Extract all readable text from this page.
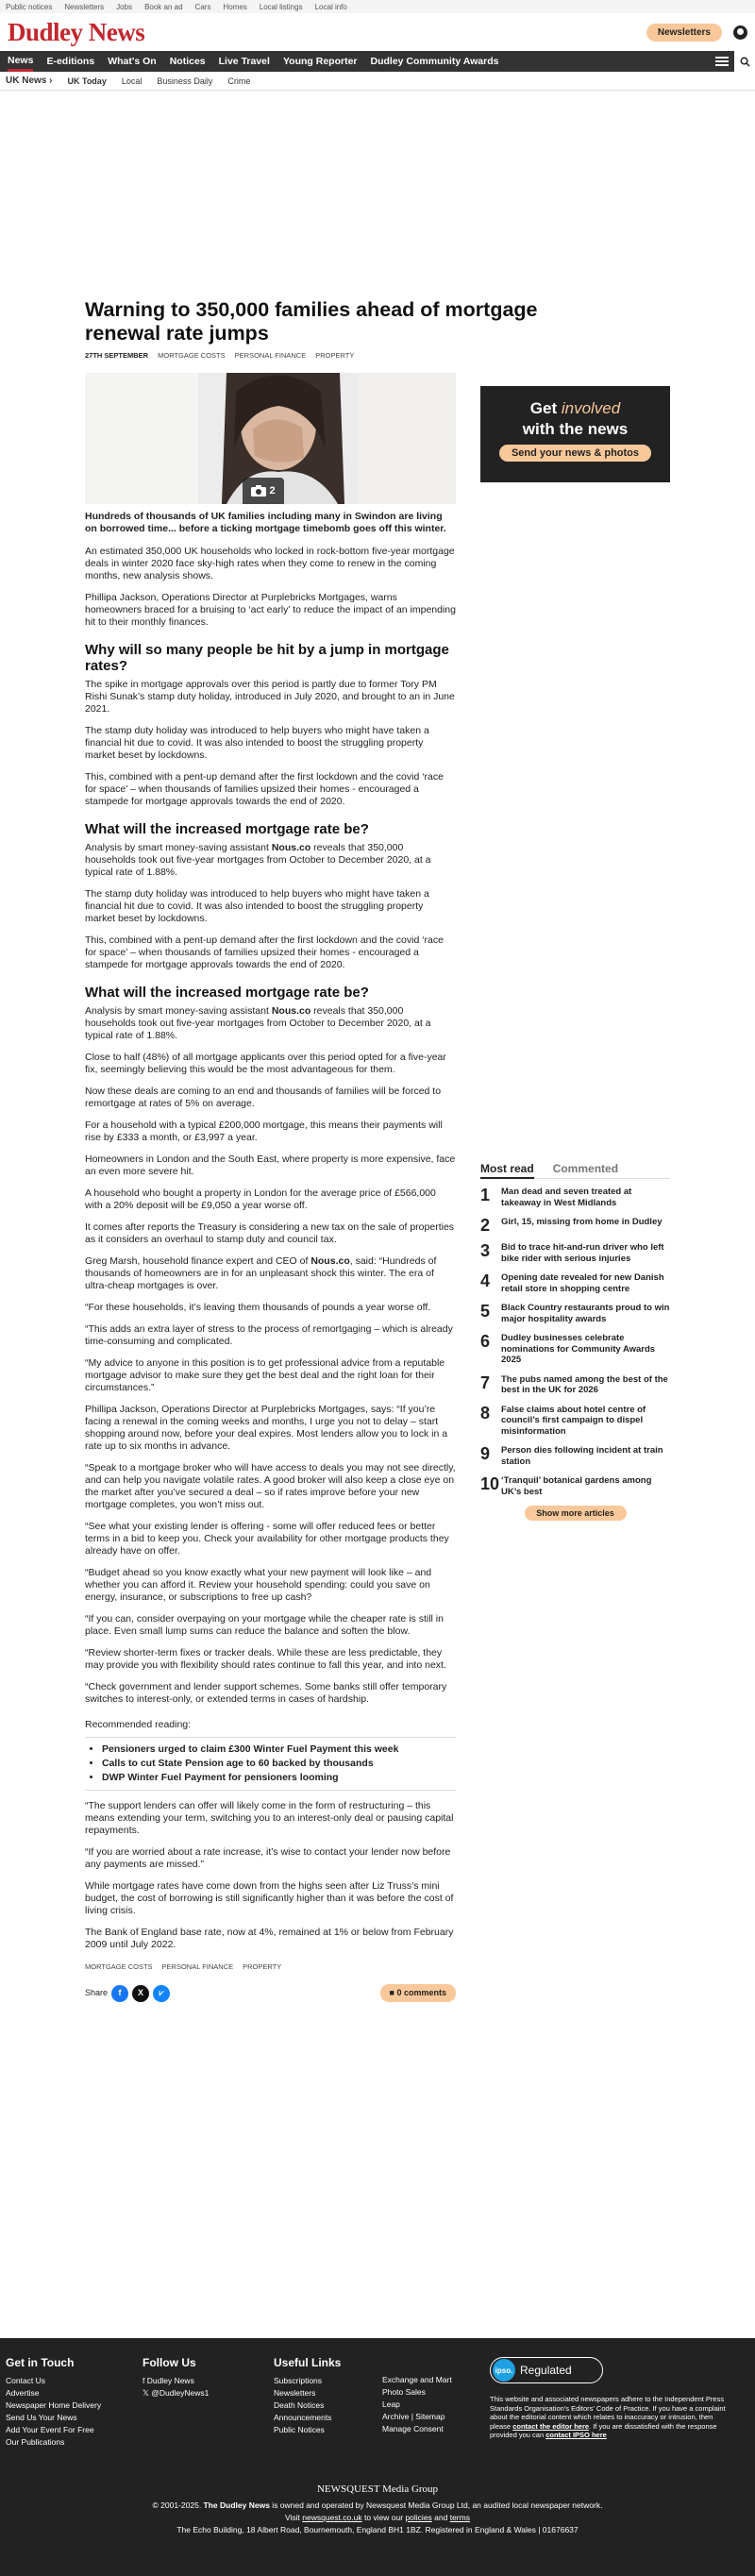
Public notices Newsletters Jobs Book an ad Cars Homes Local listings Local info
Dudley News	Newsletters
News E-editions What's On Notices Live Travel Young Reporter Dudley Community Awards
UK News › UK Today Local Business Daily Crime
Warning to 350,000 families ahead of mortgage renewal rate jumps
27TH SEPTEMBER MORTGAGE COSTS PERSONAL FINANCE PROPERTY
2
Get involved
with the news
Send your news & photos

Hundreds of thousands of UK families including many in Swindon are living on borrowed time... before a ticking mortgage timebomb goes off this winter.

An estimated 350,000 UK households who locked in rock-bottom five-year mortgage deals in winter 2020 face sky-high rates when they come to renew in the coming months, new analysis shows.

Phillipa Jackson, Operations Director at Purplebricks Mortgages, warns homeowners braced for a bruising to ‘act early’ to reduce the impact of an impending hit to their monthly finances.

Why will so many people be hit by a jump in mortgage rates?

The spike in mortgage approvals over this period is partly due to former Tory PM Rishi Sunak’s stamp duty holiday, introduced in July 2020, and brought to an in June 2021.

The stamp duty holiday was introduced to help buyers who might have taken a financial hit due to covid. It was also intended to boost the struggling property market beset by lockdowns.

This, combined with a pent-up demand after the first lockdown and the covid ‘race for space’ – when thousands of families upsized their homes - encouraged a stampede for mortgage approvals towards the end of 2020.

What will the increased mortgage rate be?

Analysis by smart money-saving assistant Nous.co reveals that 350,000 households took out five-year mortgages from October to December 2020, at a typical rate of 1.88%.

The stamp duty holiday was introduced to help buyers who might have taken a financial hit due to covid. It was also intended to boost the struggling property market beset by lockdowns.

This, combined with a pent-up demand after the first lockdown and the covid ‘race for space’ – when thousands of families upsized their homes - encouraged a stampede for mortgage approvals towards the end of 2020.

What will the increased mortgage rate be?

Analysis by smart money-saving assistant Nous.co reveals that 350,000 households took out five-year mortgages from October to December 2020, at a typical rate of 1.88%.

Close to half (48%) of all mortgage applicants over this period opted for a five-year fix, seemingly believing this would be the most advantageous for them.

Now these deals are coming to an end and thousands of families will be forced to remortgage at rates of 5% on average.

For a household with a typical £200,000 mortgage, this means their payments will rise by £333 a month, or £3,997 a year.

Homeowners in London and the South East, where property is more expensive, face an even more severe hit.

A household who bought a property in London for the average price of £566,000 with a 20% deposit will be £9,050 a year worse off.

It comes after reports the Treasury is considering a new tax on the sale of properties as it considers an overhaul to stamp duty and council tax.

Greg Marsh, household finance expert and CEO of Nous.co, said: “Hundreds of thousands of homeowners are in for an unpleasant shock this winter. The era of ultra-cheap mortgages is over.

“For these households, it’s leaving them thousands of pounds a year worse off.

“This adds an extra layer of stress to the process of remortgaging – which is already time-consuming and complicated.

“My advice to anyone in this position is to get professional advice from a reputable mortgage advisor to make sure they get the best deal and the right loan for their circumstances.”

Phillipa Jackson, Operations Director at Purplebricks Mortgages, says: “If you’re facing a renewal in the coming weeks and months, I urge you not to delay – start shopping around now, before your deal expires. Most lenders allow you to lock in a rate up to six months in advance.

“Speak to a mortgage broker who will have access to deals you may not see directly, and can help you navigate volatile rates. A good broker will also keep a close eye on the market after you’ve secured a deal – so if rates improve before your new mortgage completes, you won’t miss out.

“See what your existing lender is offering - some will offer reduced fees or better terms in a bid to keep you. Check your availability for other mortgage products they already have on offer.

“Budget ahead so you know exactly what your new payment will look like – and whether you can afford it. Review your household spending: could you save on energy, insurance, or subscriptions to free up cash?

“If you can, consider overpaying on your mortgage while the cheaper rate is still in place. Even small lump sums can reduce the balance and soften the blow.

“Review shorter-term fixes or tracker deals. While these are less predictable, they may provide you with flexibility should rates continue to fall this year, and into next.

“Check government and lender support schemes. Some banks still offer temporary switches to interest-only, or extended terms in cases of hardship.

Recommended reading:
• Pensioners urged to claim £300 Winter Fuel Payment this week
• Calls to cut State Pension age to 60 backed by thousands
• DWP Winter Fuel Payment for pensioners looming

“The support lenders can offer will likely come in the form of restructuring – this means extending your term, switching you to an interest-only deal or pausing capital repayments.

“If you are worried about a rate increase, it’s wise to contact your lender now before any payments are missed.”

While mortgage rates have come down from the highs seen after Liz Truss’s mini budget, the cost of borrowing is still significantly higher than it was before the cost of living crisis.

The Bank of England base rate, now at 4%, remained at 1% or below from February 2009 until July 2022.

MORTGAGE COSTS PERSONAL FINANCE PROPERTY
Share	f	X	⩗	■ 0 comments
Most read Commented
1	Man dead and seven treated at takeaway in West Midlands
2	Girl, 15, missing from home in Dudley
3	Bid to trace hit-and-run driver who left bike rider with serious injuries
4	Opening date revealed for new Danish retail store in shopping centre
5	Black Country restaurants proud to win major hospitality awards
6	Dudley businesses celebrate nominations for Community Awards 2025
7	The pubs named among the best of the best in the UK for 2026
8	False claims about hotel centre of council’s first campaign to dispel misinformation
9	Person dies following incident at train station
10 ‘Tranquil’ botanical gardens among UK’s best
Show more articles
Get in Touch
Contact Us
Advertise
Newspaper Home Delivery
Send Us Your News
Add Your Event For Free
Our Publications
Follow Us
f Dudley News
𝕏 @DudleyNews1
Useful Links
Subscriptions
Newsletters
Death Notices
Announcements
Public Notices
Exchange and Mart
Photo Sales
Leap
Archive | Sitemap
Manage Consent
ipso. Regulated
This website and associated newspapers adhere to the Independent Press Standards Organisation's Editors' Code of Practice. If you have a complaint about the editorial content which relates to inaccuracy or intrusion, then please contact the editor here. If you are dissatisfied with the response provided you can contact IPSO here
NEWSQUEST Media Group
© 2001-2025. The Dudley News is owned and operated by Newsquest Media Group Ltd, an audited local newspaper network.
Visit newsquest.co.uk to view our policies and terms
The Echo Building, 18 Albert Road, Bournemouth, England BH1 1BZ. Registered in England & Wales | 01676637
